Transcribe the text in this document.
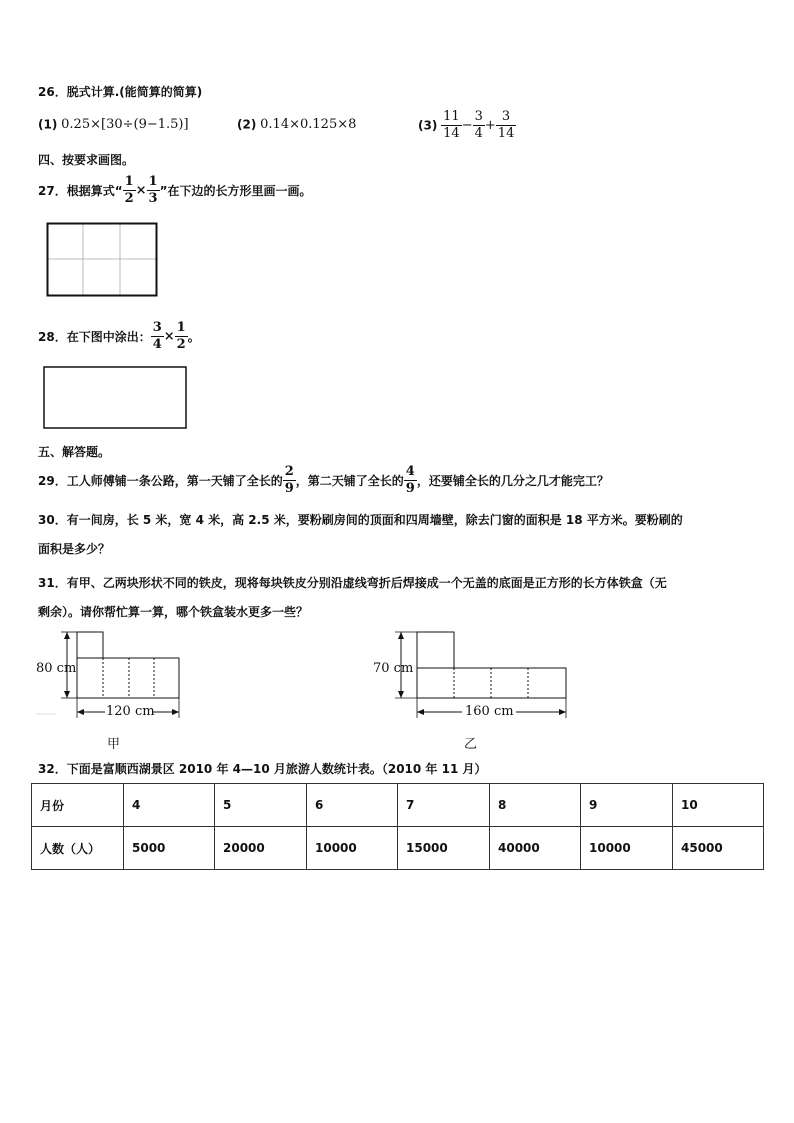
26．脱式计算.(能简算的简算)
(1) 0.25×[30÷(9−1.5)]	(2) 0.14×0.125×8	$(3) \frac{11}{14} - \frac{3}{4} + \frac{3}{14}$
四、按要求画图。
27．根据算式“ $\frac{1}{2} \times \frac{1}{3}$ ”在下边的长方形里画一画。
28．在下图中涂出： $\frac{3}{4} \times \frac{1}{2}$ 。
五、解答题。
29．工人师傅铺一条公路，第一天铺了全长的 $\frac{2}{9}$ ，第二天铺了全长的 $\frac{4}{9}$ ，还要铺全长的几分之几才能完工？
30．有一间房，长 5 米，宽 4 米，高 2.5 米，要粉刷房间的顶面和四周墙壁，除去门窗的面积是 18 平方米。要粉刷的
面积是多少？
31．有甲、乙两块形状不同的铁皮，现将每块铁皮分别沿虚线弯折后焊接成一个无盖的底面是正方形的长方体铁盒（无
剩余）。请你帮忙算一算，哪个铁盒装水更多一些？
80 cm
120 cm
甲
70 cm
160 cm
乙
32．下面是富顺西湖景区 2010 年 4—10 月旅游人数统计表。（2010 年 11 月）
月份	4	5	6	7	8	9	10
人数（人）	5000	20000	10000	15000	40000	10000	45000
